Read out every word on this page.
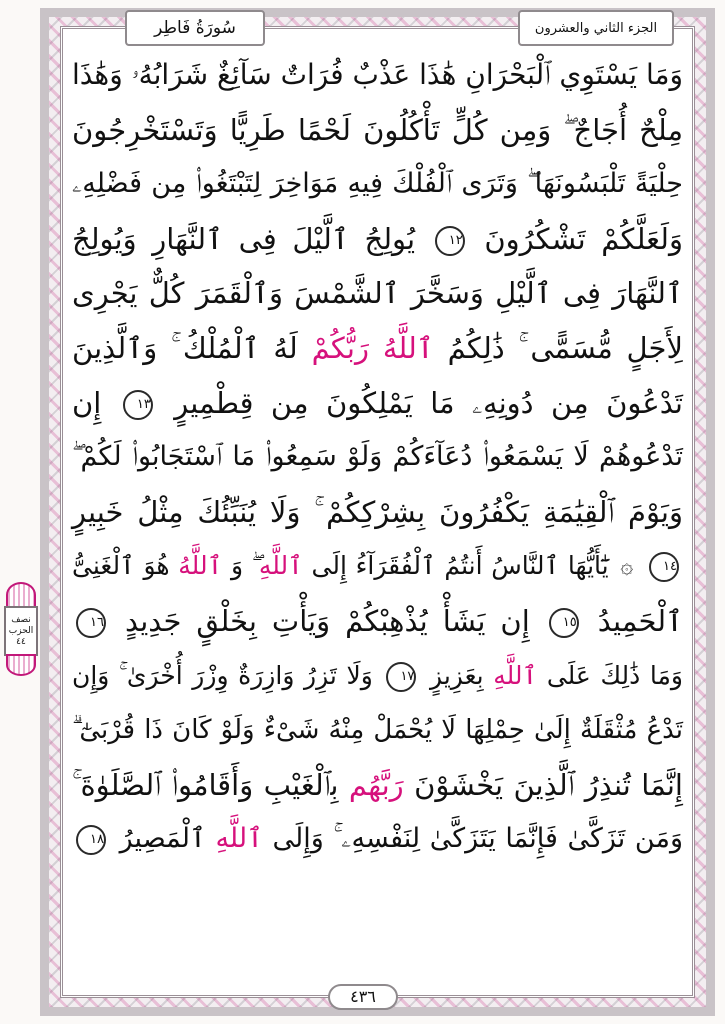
سُورَةُ فَاطِر	الجزء الثاني والعشرون
نصف
الحزب
٤٤
وَمَا يَسْتَوِي ٱلْبَحْرَانِ هَٰذَا عَذْبٌ فُرَاتٌ سَآئِغٌ شَرَابُهُۥ وَهَٰذَا
مِلْحٌ أُجَاجٌ ۖ وَمِن كُلٍّ تَأْكُلُونَ لَحْمًا طَرِيًّا وَتَسْتَخْرِجُونَ
حِلْيَةً تَلْبَسُونَهَا ۖ وَتَرَى ٱلْفُلْكَ فِيهِ مَوَاخِرَ لِتَبْتَغُوا۟ مِن فَضْلِهِۦ
وَلَعَلَّكُمْ تَشْكُرُونَ ١٢ يُولِجُ ٱلَّيْلَ فِى ٱلنَّهَارِ وَيُولِجُ
ٱلنَّهَارَ فِى ٱلَّيْلِ وَسَخَّرَ ٱلشَّمْسَ وَٱلْقَمَرَ كُلٌّ يَجْرِى
لِأَجَلٍ مُّسَمًّى ۚ ذَٰلِكُمُ ٱللَّهُ رَبُّكُمْ لَهُ ٱلْمُلْكُ ۚ وَٱلَّذِينَ
تَدْعُونَ مِن دُونِهِۦ مَا يَمْلِكُونَ مِن قِطْمِيرٍ ١٣ إِن
تَدْعُوهُمْ لَا يَسْمَعُوا۟ دُعَآءَكُمْ وَلَوْ سَمِعُوا۟ مَا ٱسْتَجَابُوا۟ لَكُمْ ۖ
وَيَوْمَ ٱلْقِيَٰمَةِ يَكْفُرُونَ بِشِرْكِكُمْ ۚ وَلَا يُنَبِّئُكَ مِثْلُ خَبِيرٍ
١٤ ۞ يَٰٓأَيُّهَا ٱلنَّاسُ أَنتُمُ ٱلْفُقَرَآءُ إِلَى ٱللَّهِ ۖ وَ ٱللَّهُ هُوَ ٱلْغَنِىُّ
ٱلْحَمِيدُ ١٥ إِن يَشَأْ يُذْهِبْكُمْ وَيَأْتِ بِخَلْقٍ جَدِيدٍ ١٦
وَمَا ذَٰلِكَ عَلَى ٱللَّهِ بِعَزِيزٍ ١٧ وَلَا تَزِرُ وَازِرَةٌ وِزْرَ أُخْرَىٰ ۚ وَإِن
تَدْعُ مُثْقَلَةٌ إِلَىٰ حِمْلِهَا لَا يُحْمَلْ مِنْهُ شَىْءٌ وَلَوْ كَانَ ذَا قُرْبَىٰٓ ۗ
إِنَّمَا تُنذِرُ ٱلَّذِينَ يَخْشَوْنَ رَبَّهُم بِٱلْغَيْبِ وَأَقَامُوا۟ ٱلصَّلَوٰةَ ۚ
وَمَن تَزَكَّىٰ فَإِنَّمَا يَتَزَكَّىٰ لِنَفْسِهِۦ ۚ وَإِلَى ٱللَّهِ ٱلْمَصِيرُ ١٨
٤٣٦
